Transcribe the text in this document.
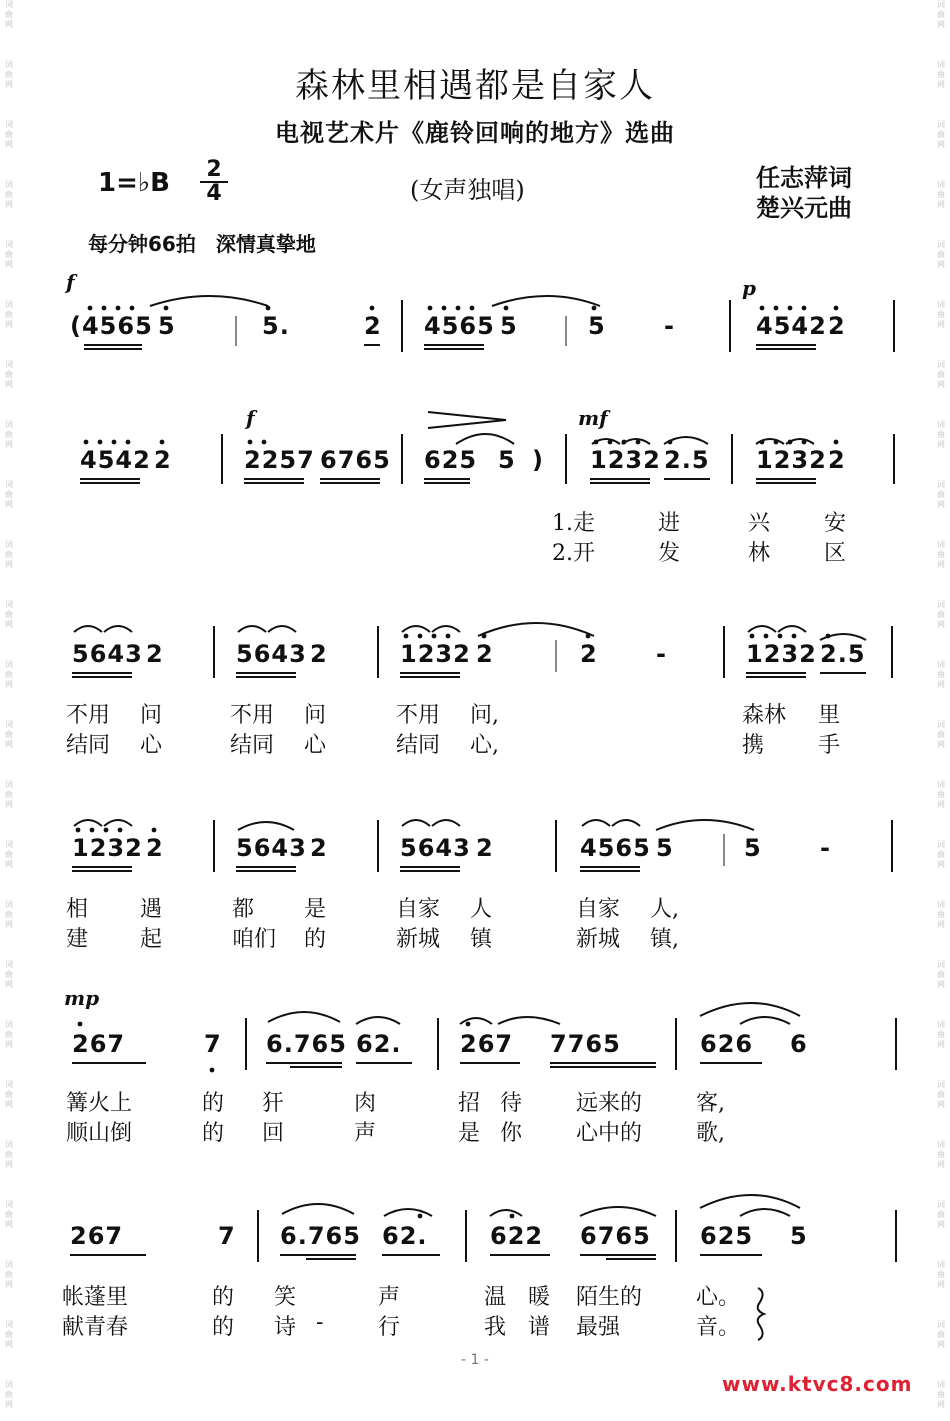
词
曲
网
词
曲
网
词
曲
网
词
曲
网
词
曲
网
词
曲
网
词
曲
网
词
曲
网
词
曲
网
词
曲
网
词
曲
网
词
曲
网
词
曲
网
词
曲
网
词
曲
网
词
曲
网
词
曲
网
词
曲
网
词
曲
网
词
曲
网
词
曲
网
词
曲
网
词
曲
网
词
曲
网
词
曲
网
词
曲
网
词
曲
网
词
曲
网
词
曲
网
词
曲
网
词
曲
网
词
曲
网
词
曲
网
词
曲
网
词
曲
网
词
曲
网
词
曲
网
词
曲
网
词
曲
网
词
曲
网
词
曲
网
词
曲
网
词
曲
网
词
曲
网
词
曲
网
词
曲
网
词
曲
网
词
曲
网
森林里相遇都是自家人
电视艺术片《鹿铃回响的地方》选曲
1=♭B 2
4	(女声独唱)	任志萍词
楚兴元曲
每分钟66拍　深情真挚地
f	p
f	mf
mp
(4565 5	5.	2 4565 5	5 -	4542 2
4542 2	2257 6765 625 5 ) 1232 2.5 1232 2
1.走	进	兴 安
2.开	发	林 区
5643 2	5643 2	1232 2	2 -	1232 2.5
不用 问	不用 问	不用 问,	森林 里
结同 心	结同 心	结同 心,	携 手
1232 2	5643 2	5643 2	4565 5	5 -
相 遇	都 是	自家 人	自家 人,
建 起	咱们 的	新城 镇	新城 镇,
267	7 6.765 62. 267 7765	626 6
篝火上	的 犴	肉	招 待 远来的 客,
顺山倒	的 回	声	是 你 心中的 歌,
267	7 6.765 62.	622 6765 625 5
帐蓬里	的 笑	声	温 暖 陌生的 心。
献青春	的 诗 - 行	我 谱 最强	音。
- 1 -
www.ktvc8.com
